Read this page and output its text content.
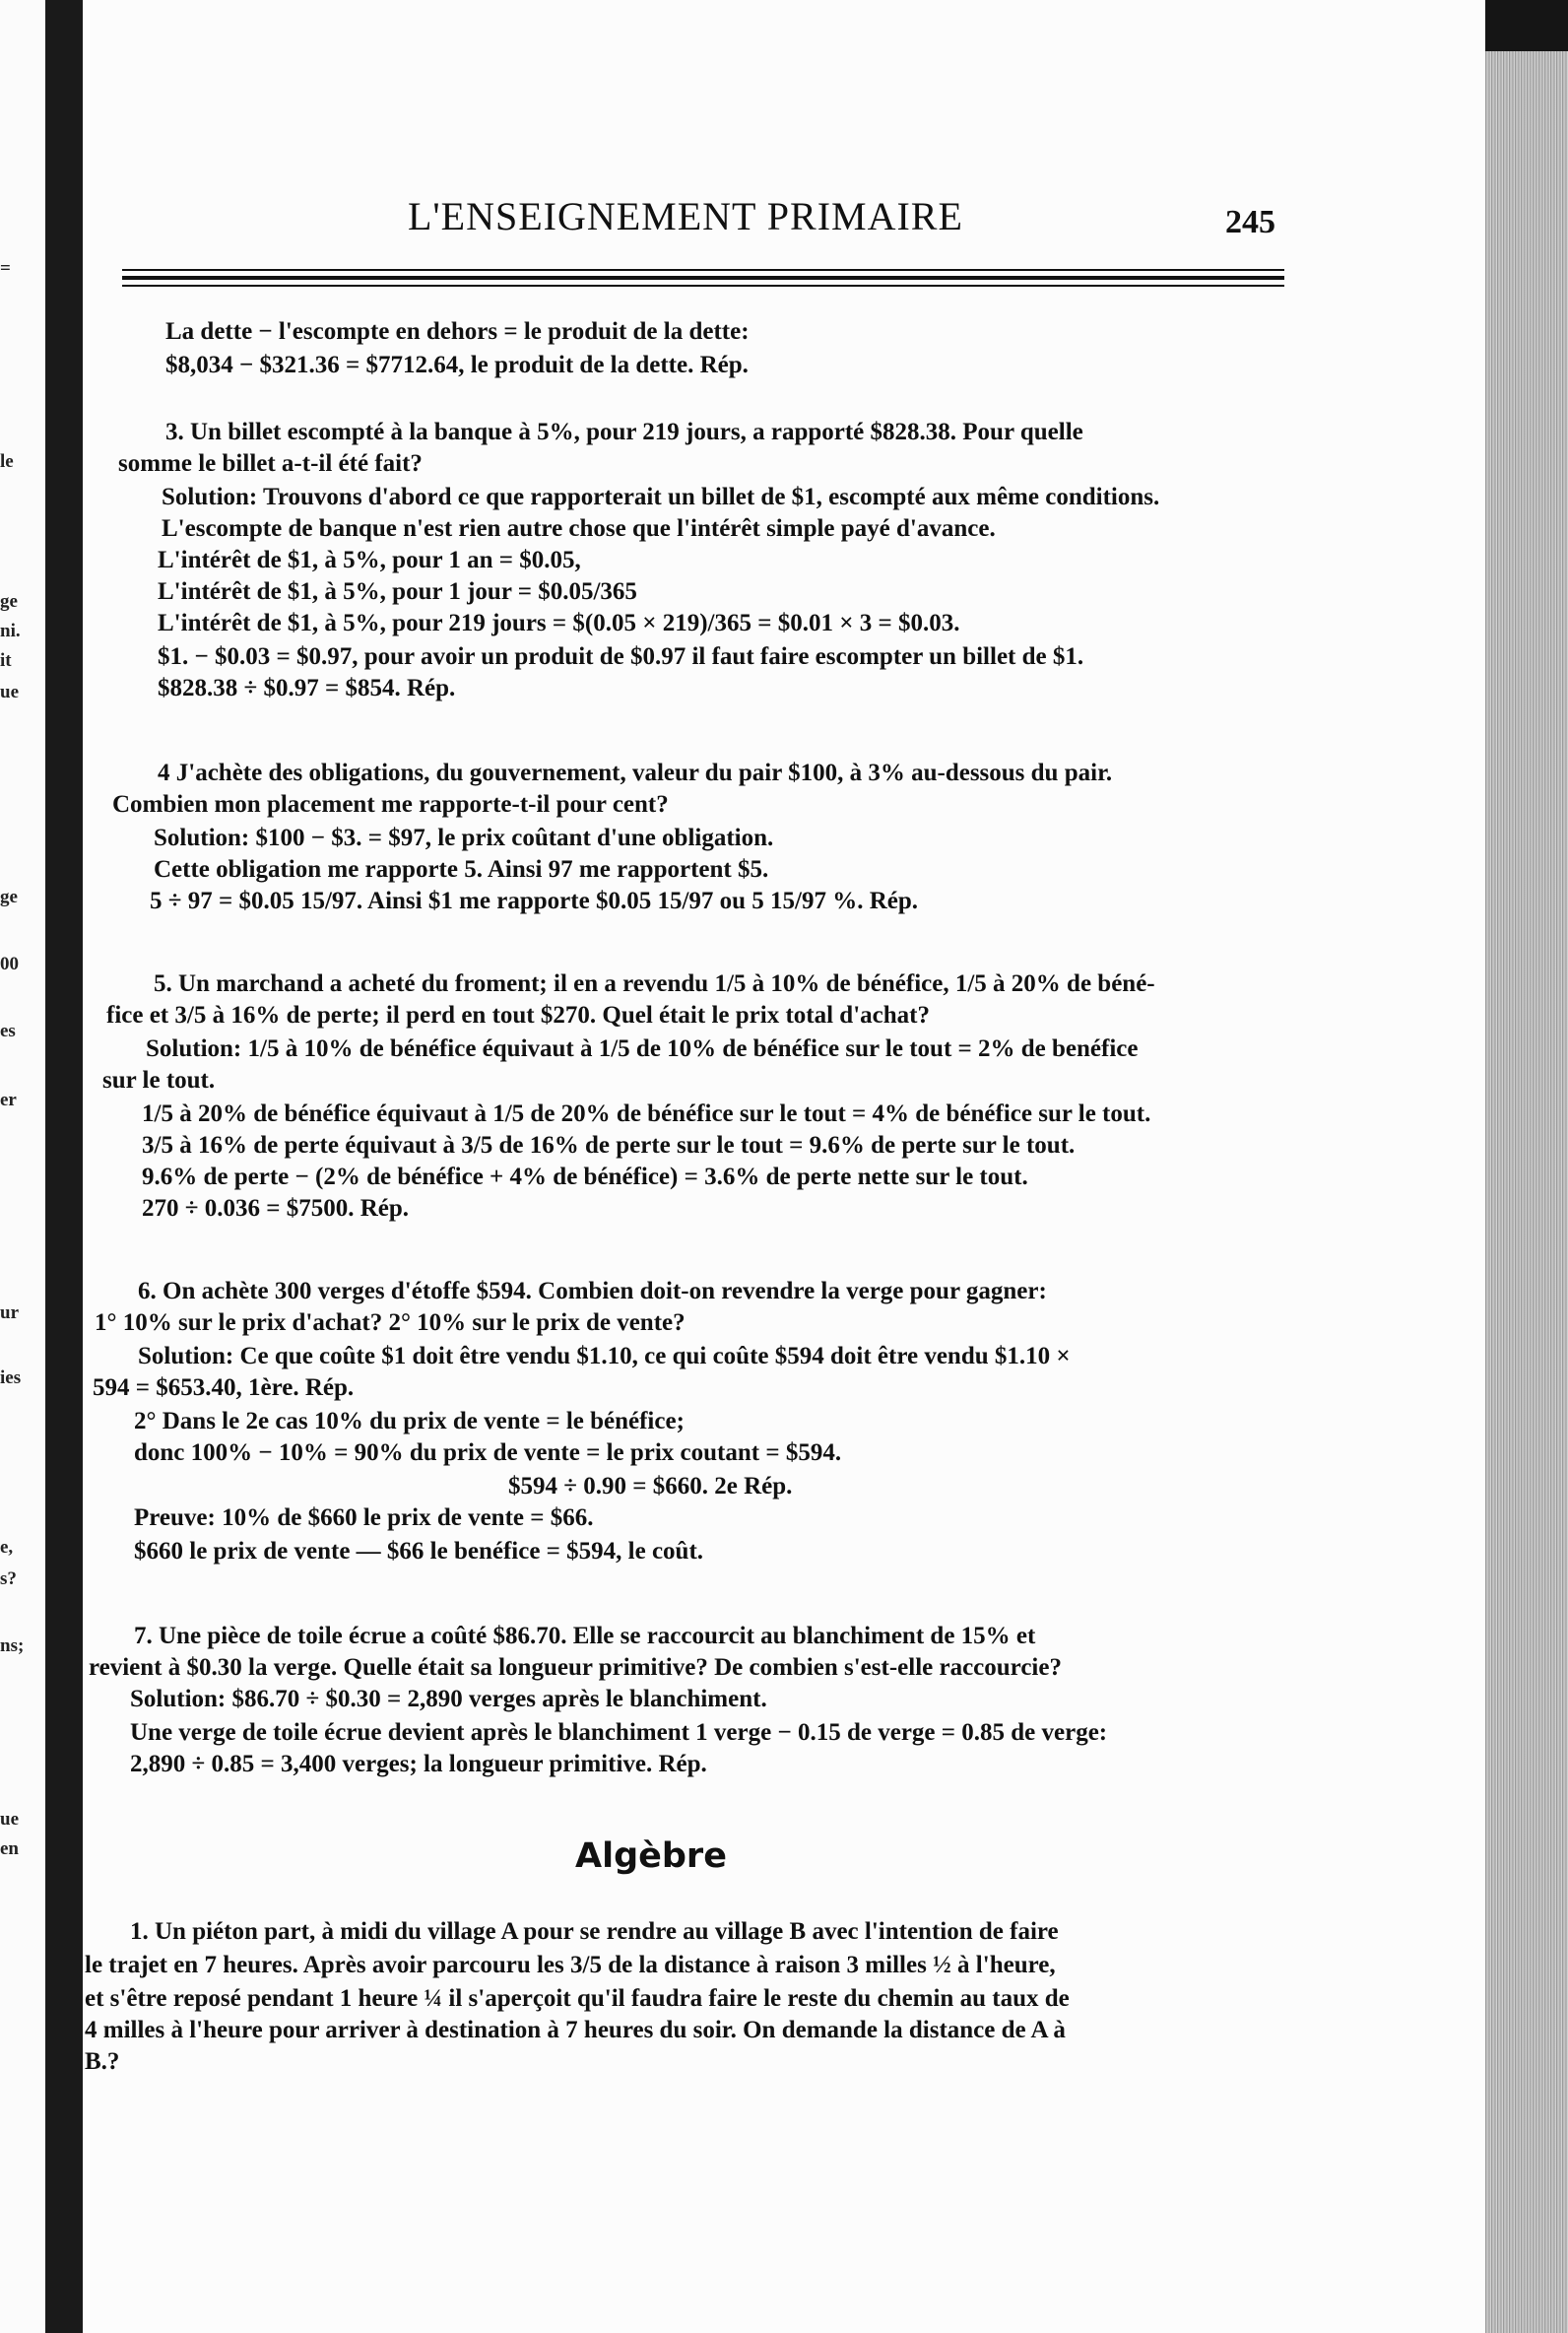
=
le
ge
ni.
it
ue
ge
00
es
er
ur
ies
e,
s?
ns;
ue
en
L'ENSEIGNEMENT PRIMAIRE	245
La dette − l'escompte en dehors = le produit de la dette:
$8,034 − $321.36 = $7712.64, le produit de la dette. Rép.
3. Un billet escompté à la banque à 5%, pour 219 jours, a rapporté $828.38. Pour quelle
somme le billet a-t-il été fait?
Solution: Trouvons d'abord ce que rapporterait un billet de $1, escompté aux même conditions.
L'escompte de banque n'est rien autre chose que l'intérêt simple payé d'avance.
L'intérêt de $1, à 5%, pour 1 an = $0.05,
L'intérêt de $1, à 5%, pour 1 jour = $0.05/365
L'intérêt de $1, à 5%, pour 219 jours = $(0.05 × 219)/365 = $0.01 × 3 = $0.03.
$1. − $0.03 = $0.97, pour avoir un produit de $0.97 il faut faire escompter un billet de $1.
$828.38 ÷ $0.97 = $854. Rép.
4 J'achète des obligations, du gouvernement, valeur du pair $100, à 3% au-dessous du pair.
Combien mon placement me rapporte-t-il pour cent?
Solution: $100 − $3. = $97, le prix coûtant d'une obligation.
Cette obligation me rapporte 5. Ainsi 97 me rapportent $5.
5 ÷ 97 = $0.05 15/97. Ainsi $1 me rapporte $0.05 15/97 ou 5 15/97 %. Rép.
5. Un marchand a acheté du froment; il en a revendu 1/5 à 10% de bénéfice, 1/5 à 20% de béné-
fice et 3/5 à 16% de perte; il perd en tout $270. Quel était le prix total d'achat?
Solution: 1/5 à 10% de bénéfice équivaut à 1/5 de 10% de bénéfice sur le tout = 2% de benéfice
sur le tout.
1/5 à 20% de bénéfice équivaut à 1/5 de 20% de bénéfice sur le tout = 4% de bénéfice sur le tout.
3/5 à 16% de perte équivaut à 3/5 de 16% de perte sur le tout = 9.6% de perte sur le tout.
9.6% de perte − (2% de bénéfice + 4% de bénéfice) = 3.6% de perte nette sur le tout.
270 ÷ 0.036 = $7500. Rép.
6. On achète 300 verges d'étoffe $594. Combien doit-on revendre la verge pour gagner:
1° 10% sur le prix d'achat? 2° 10% sur le prix de vente?
Solution: Ce que coûte $1 doit être vendu $1.10, ce qui coûte $594 doit être vendu $1.10 ×
594 = $653.40, 1ère. Rép.
2° Dans le 2e cas 10% du prix de vente = le bénéfice;
donc 100% − 10% = 90% du prix de vente = le prix coutant = $594.
$594 ÷ 0.90 = $660. 2e Rép.
Preuve: 10% de $660 le prix de vente = $66.
$660 le prix de vente — $66 le benéfice = $594, le coût.
7. Une pièce de toile écrue a coûté $86.70. Elle se raccourcit au blanchiment de 15% et
revient à $0.30 la verge. Quelle était sa longueur primitive? De combien s'est-elle raccourcie?
Solution: $86.70 ÷ $0.30 = 2,890 verges après le blanchiment.
Une verge de toile écrue devient après le blanchiment 1 verge − 0.15 de verge = 0.85 de verge:
2,890 ÷ 0.85 = 3,400 verges; la longueur primitive. Rép.
Algèbre
1. Un piéton part, à midi du village A pour se rendre au village B avec l'intention de faire
le trajet en 7 heures. Après avoir parcouru les 3/5 de la distance à raison 3 milles ½ à l'heure,
et s'être reposé pendant 1 heure ¼ il s'aperçoit qu'il faudra faire le reste du chemin au taux de
4 milles à l'heure pour arriver à destination à 7 heures du soir. On demande la distance de A à
B.?
